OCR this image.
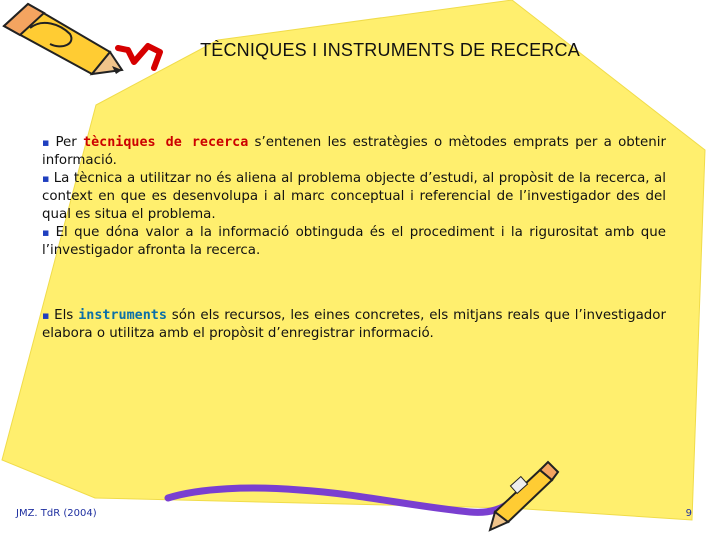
TÈCNIQUES I INSTRUMENTS DE RECERCA

▪ Per tècniques de recerca s’entenen les estratègies o mètodes emprats per a obtenir informació.

▪ La tècnica a utilitzar no és aliena al problema objecte d’estudi, al propòsit de la recerca, al context en que es desenvolupa i al marc conceptual i referencial de l’investigador des del qual es situa el problema.

▪ El que dóna valor a la informació obtinguda és el procediment i la rigurositat amb que l’investigador afronta la recerca.

▪ Els instruments són els recursos, les eines concretes, els mitjans reals que l’investigador elabora o utilitza amb el propòsit d’enregistrar informació.

JMZ. TdR (2004)	9
